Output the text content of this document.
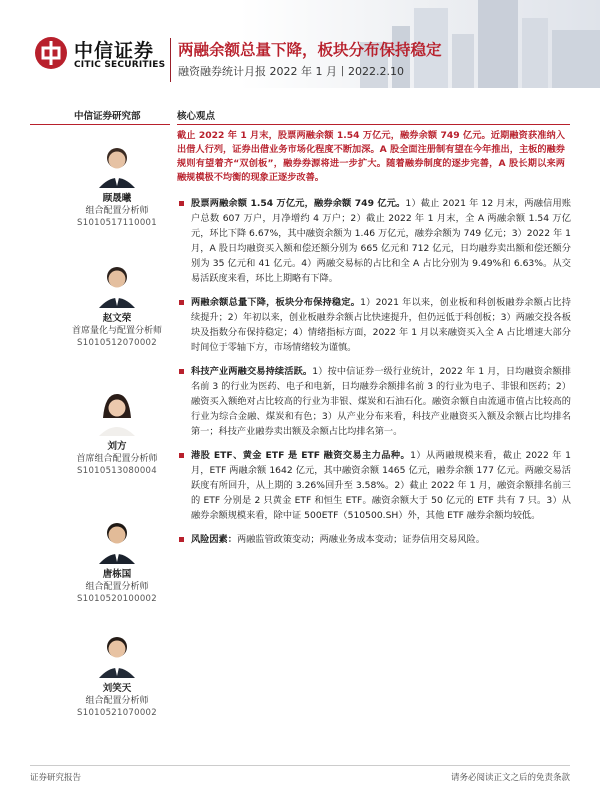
中信证券
CITIC SECURITIES
两融余额总量下降，板块分布保持稳定
融资融券统计月报 2022 年 1 月丨2022.2.10
中信证券研究部	核心观点
顾晟曦
组合配置分析师
S1010517110001
赵文荣
首席量化与配置分析师
S1010512070002
刘方
首席组合配置分析师
S1010513080004
唐栋国
组合配置分析师
S1010520100002
刘笑天
组合配置分析师
S1010521070002
截止 2022 年 1 月末，股票两融余额 1.54 万亿元，融券余额 749 亿元。近期融资获准纳入出借人行列，证券出借业务市场化程度不断加深。A 股全面注册制有望在今年推出，主板的融券规则有望着齐“双创板”，融券券源将进一步扩大。随着融券制度的逐步完善，A 股长期以来两融规模极不均衡的现象正逐步改善。
股票两融余额 1.54 万亿元，融券余额 749 亿元。1）截止 2021 年 12 月末，两融信用账户总数 607 万户，月净增约 4 万户；2）截止 2022 年 1 月末，全 A 两融余额 1.54 万亿元，环比下降 6.67%，其中融资余额为 1.46 万亿元，融券余额为 749 亿元；3）2022 年 1 月，A 股日均融资买入额和偿还额分别为 665 亿元和 712 亿元，日均融券卖出额和偿还额分别为 35 亿元和 41 亿元。4）两融交易标的占比和全 A 占比分别为 9.49%和 6.63%。从交易活跃度来看，环比上期略有下降。
两融余额总量下降，板块分布保持稳定。1）2021 年以来，创业板和科创板融券余额占比持续提升；2）年初以来，创业板融券余额占比快速提升，但仍远低于科创板；3）两融交投各板块及指数分布保持稳定；4）情绪指标方面，2022 年 1 月以来融资买入全 A 占比增速大部分时间位于零轴下方，市场情绪较为谨慎。
科技产业两融交易持续活跃。1）按中信证券一级行业统计，2022 年 1 月，日均融资余额排名前 3 的行业为医药、电子和电新，日均融券余额排名前 3 的行业为电子、非银和医药；2）融资买入额绝对占比较高的行业为非银、煤炭和石油石化。融资余额自由流通市值占比较高的行业为综合金融、煤炭和有色；3）从产业分布来看，科技产业融资买入额及余额占比均排名第一；科技产业融券卖出额及余额占比均排名第一。
港股 ETF、黄金 ETF 是 ETF 融资交易主力品种。1）从两融规模来看，截止 2022 年 1 月，ETF 两融余额 1642 亿元，其中融资余额 1465 亿元，融券余额 177 亿元。两融交易活跃度有所回升，从上期的 3.26%回升至 3.58%。2）截止 2022 年 1 月，融资余额排名前三的 ETF 分别是 2 只黄金 ETF 和恒生 ETF。融资余额大于 50 亿元的 ETF 共有 7 只。3）从融券余额规模来看，除中证 500ETF（510500.SH）外，其他 ETF 融券余额均较低。
风险因素：两融监管政策变动；两融业务成本变动；证券信用交易风险。
证券研究报告	请务必阅读正文之后的免责条款
